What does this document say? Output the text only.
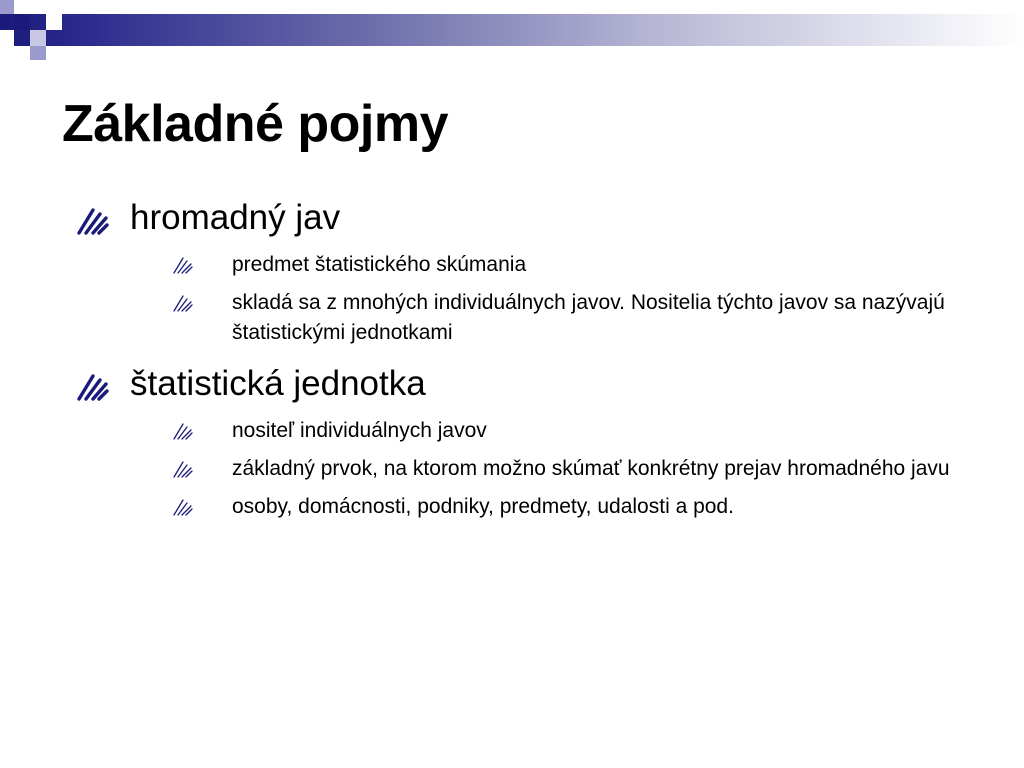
Základné pojmy
hromadný jav
predmet štatistického skúmania
skladá sa z mnohých individuálnych javov. Nositelia týchto javov sa nazývajú štatistickými jednotkami
štatistická jednotka
nositeľ individuálnych javov
základný prvok, na ktorom možno skúmať konkrétny prejav hromadného javu
osoby, domácnosti, podniky, predmety, udalosti a pod.
